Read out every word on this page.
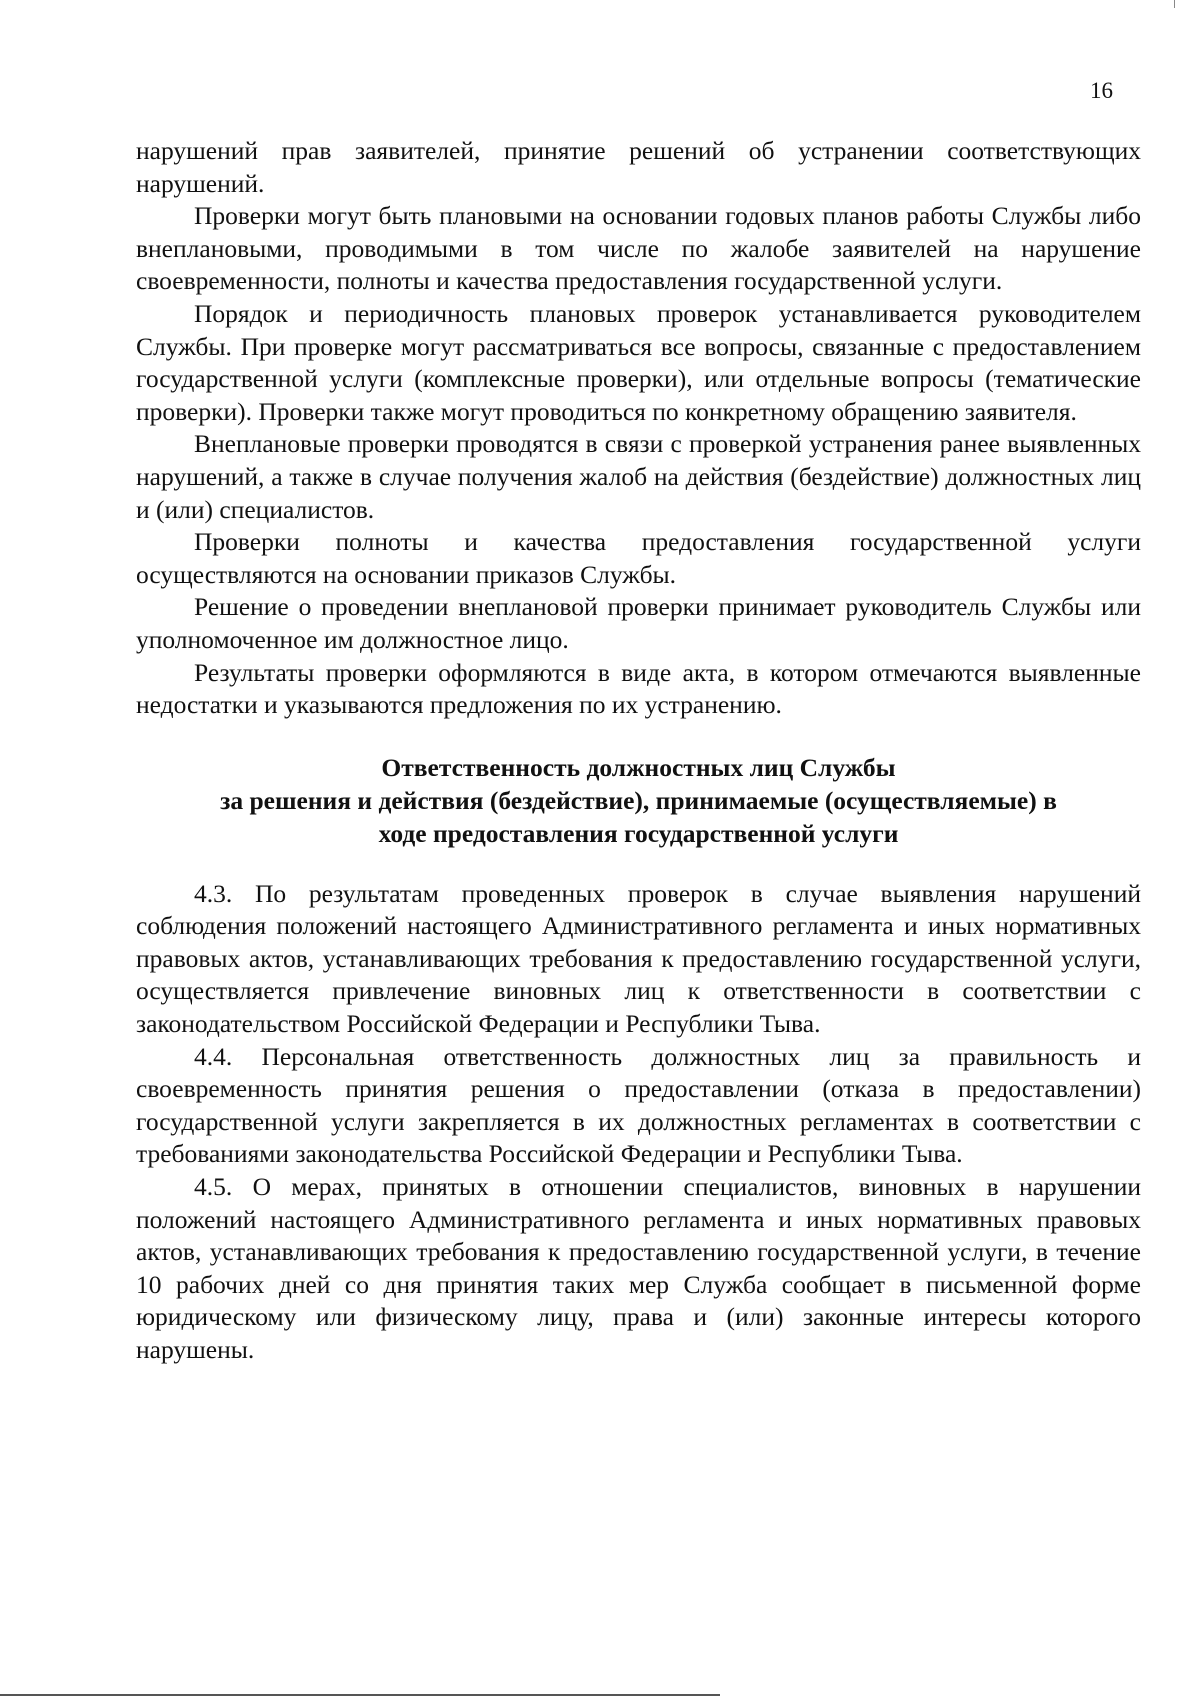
16

нарушений прав заявителей, принятие решений об устранении соответствующих нарушений.

Проверки могут быть плановыми на основании годовых планов работы Службы либо внеплановыми, проводимыми в том числе по жалобе заявителей на нарушение своевременности, полноты и качества предоставления государственной услуги.

Порядок и периодичность плановых проверок устанавливается руководителем Службы. При проверке могут рассматриваться все вопросы, связанные с предоставлением государственной услуги (комплексные проверки), или отдельные вопросы (тематические проверки). Проверки также могут проводиться по конкретному обращению заявителя.

Внеплановые проверки проводятся в связи с проверкой устранения ранее выявленных нарушений, а также в случае получения жалоб на действия (бездействие) должностных лиц и (или) специалистов.

Проверки полноты и качества предоставления государственной услуги осуществляются на основании приказов Службы.

Решение о проведении внеплановой проверки принимает руководитель Службы или уполномоченное им должностное лицо.

Результаты проверки оформляются в виде акта, в котором отмечаются выявленные недостатки и указываются предложения по их устранению.

Ответственность должностных лиц Службы
за решения и действия (бездействие), принимаемые (осуществляемые) в
ходе предоставления государственной услуги

4.3. По результатам проведенных проверок в случае выявления нарушений соблюдения положений настоящего Административного регламента и иных нормативных правовых актов, устанавливающих требования к предоставлению государственной услуги, осуществляется привлечение виновных лиц к ответственности в соответствии с законодательством Российской Федерации и Республики Тыва.

4.4. Персональная ответственность должностных лиц за правильность и своевременность принятия решения о предоставлении (отказа в предоставлении) государственной услуги закрепляется в их должностных регламентах в соответствии с требованиями законодательства Российской Федерации и Республики Тыва.

4.5. О мерах, принятых в отношении специалистов, виновных в нарушении положений настоящего Административного регламента и иных нормативных правовых актов, устанавливающих требования к предоставлению государственной услуги, в течение 10 рабочих дней со дня принятия таких мер Служба сообщает в письменной форме юридическому или физическому лицу, права и (или) законные интересы которого нарушены.
